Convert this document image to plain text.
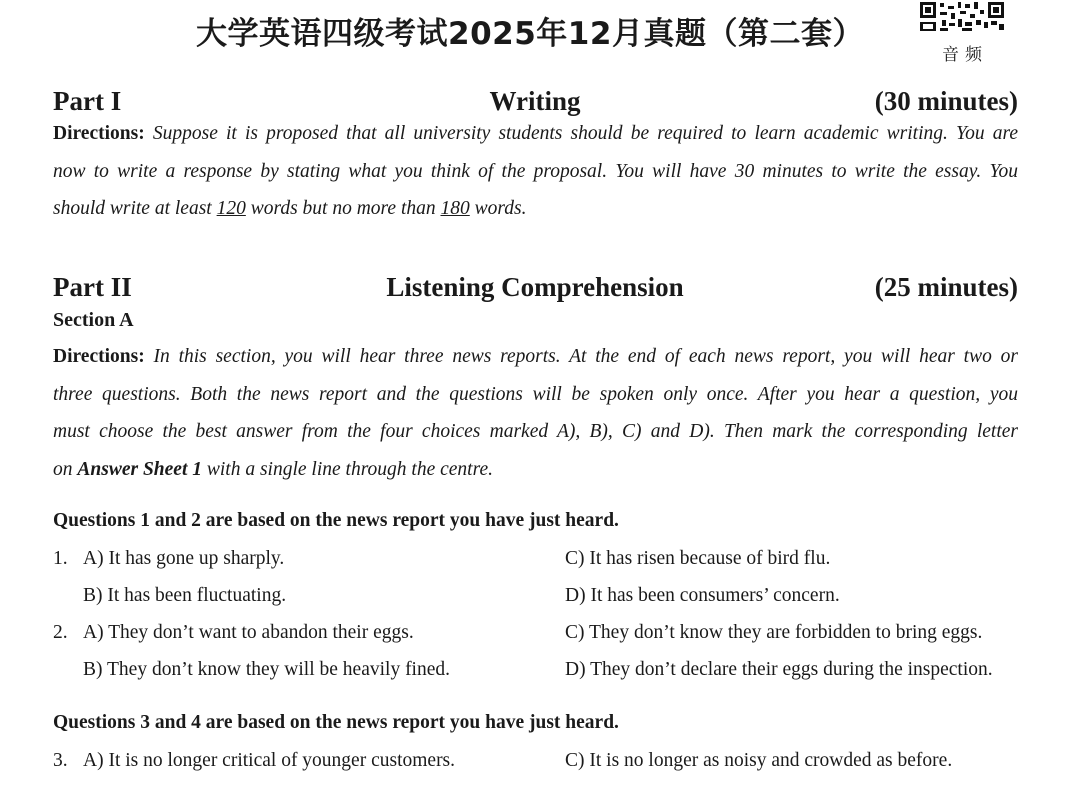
大学英语四级考试2025年12月真题（第二套）
音频
Part I	Writing	(30 minutes)
Directions: Suppose it is proposed that all university students should be required to learn academic writing. You are
now to write a response by stating what you think of the proposal. You will have 30 minutes to write the essay. You
should write at least 120 words but no more than 180 words.
Part II	Listening Comprehension	(25 minutes)
Section A
Directions: In this section, you will hear three news reports. At the end of each news report, you will hear two or
three questions. Both the news report and the questions will be spoken only once. After you hear a question, you
must choose the best answer from the four choices marked A), B), C) and D). Then mark the corresponding letter
on Answer Sheet 1 with a single line through the centre.
Questions 1 and 2 are based on the news report you have just heard.
1. A) It has gone up sharply.	C) It has risen because of bird flu.
B) It has been fluctuating.	D) It has been consumers’ concern.
2. A) They don’t want to abandon their eggs.	C) They don’t know they are forbidden to bring eggs.
B) They don’t know they will be heavily fined.	D) They don’t declare their eggs during the inspection.
Questions 3 and 4 are based on the news report you have just heard.
3. A) It is no longer critical of younger customers.	C) It is no longer as noisy and crowded as before.
